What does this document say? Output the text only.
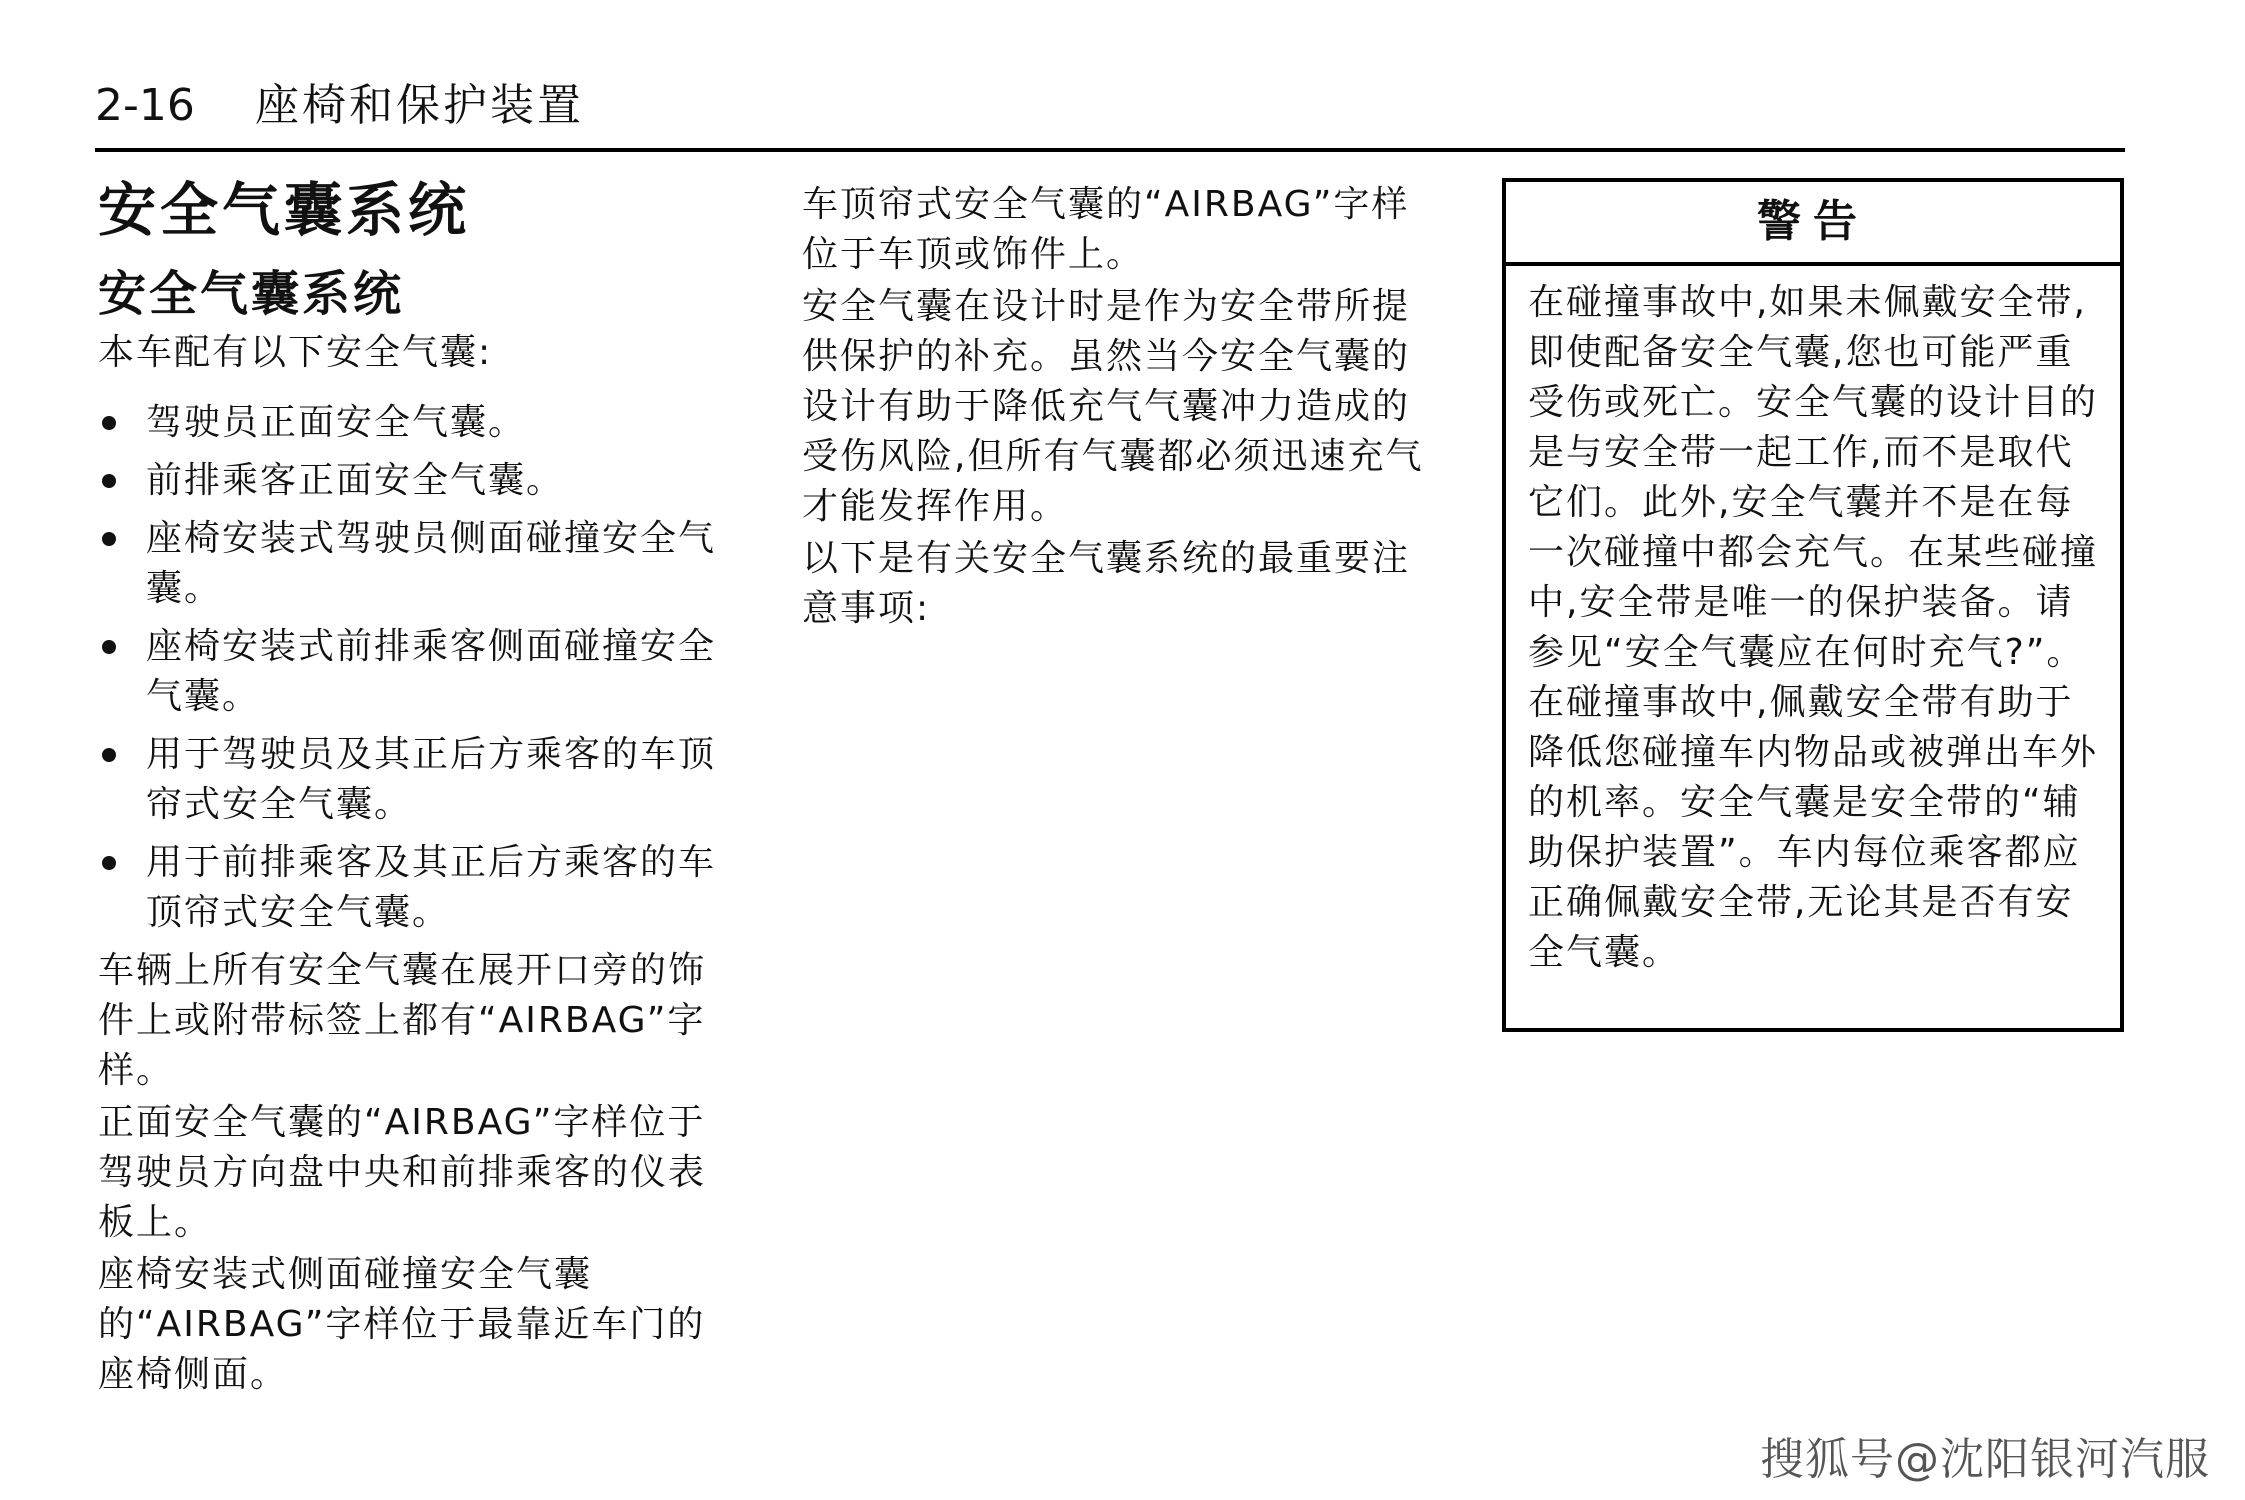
2-16 座椅和保护装置
安全气囊系统
安全气囊系统

本车配有以下安全气囊:

驾驶员正面安全气囊。
前排乘客正面安全气囊。
座椅安装式驾驶员侧面碰撞安全气囊。
座椅安装式前排乘客侧面碰撞安全气囊。
用于驾驶员及其正后方乘客的车顶帘式安全气囊。
用于前排乘客及其正后方乘客的车顶帘式安全气囊。

车辆上所有安全气囊在展开口旁的饰件上或附带标签上都有“AIRBAG”字样。

正面安全气囊的“AIRBAG”字样位于驾驶员方向盘中央和前排乘客的仪表板上。

座椅安装式侧面碰撞安全气囊的“AIRBAG”字样位于最靠近车门的座椅侧面。

车顶帘式安全气囊的“AIRBAG”字样位于车顶或饰件上。

安全气囊在设计时是作为安全带所提供保护的补充。虽然当今安全气囊的设计有助于降低充气气囊冲力造成的受伤风险,但所有气囊都必须迅速充气才能发挥作用。

以下是有关安全气囊系统的最重要注意事项:

警告

在碰撞事故中,如果未佩戴安全带,即使配备安全气囊,您也可能严重受伤或死亡。安全气囊的设计目的是与安全带一起工作,而不是取代它们。此外,安全气囊并不是在每一次碰撞中都会充气。在某些碰撞中,安全带是唯一的保护装备。请参见“安全气囊应在何时充气?”。

在碰撞事故中,佩戴安全带有助于降低您碰撞车内物品或被弹出车外的机率。安全气囊是安全带的“辅助保护装置”。车内每位乘客都应正确佩戴安全带,无论其是否有安全气囊。

搜狐号@沈阳银河汽服
